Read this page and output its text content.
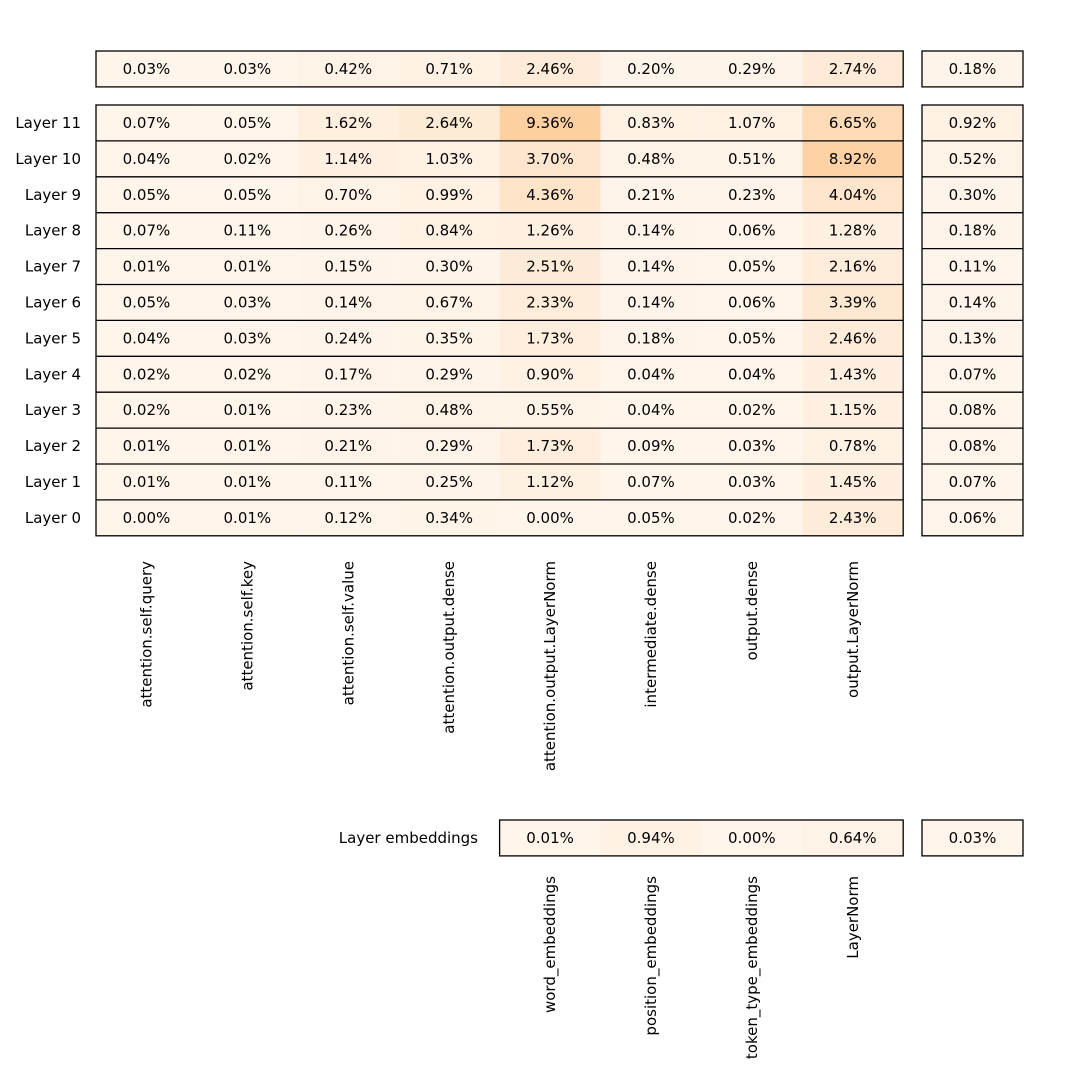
0.03%	0.03%	0.42%	0.71%	2.46%	0.20%	0.29%	2.74%	0.18%
0.07%	0.05%	1.62%	2.64%	9.36%	0.83%	1.07%	6.65%	0.92%
Layer 11
0.04%	0.02%	1.14%	1.03%	3.70%	0.48%	0.51%	8.92%	0.52%
Layer 10
0.05%	0.05%	0.70%	0.99%	4.36%	0.21%	0.23%	4.04%	0.30%
Layer 9
0.07%	0.11%	0.26%	0.84%	1.26%	0.14%	0.06%	1.28%	0.18%
Layer 8
0.01%	0.01%	0.15%	0.30%	2.51%	0.14%	0.05%	2.16%	0.11%
Layer 7
0.05%	0.03%	0.14%	0.67%	2.33%	0.14%	0.06%	3.39%	0.14%
Layer 6
0.04%	0.03%	0.24%	0.35%	1.73%	0.18%	0.05%	2.46%	0.13%
Layer 5
0.02%	0.02%	0.17%	0.29%	0.90%	0.04%	0.04%	1.43%	0.07%
Layer 4
0.02%	0.01%	0.23%	0.48%	0.55%	0.04%	0.02%	1.15%	0.08%
Layer 3
0.01%	0.01%	0.21%	0.29%	1.73%	0.09%	0.03%	0.78%	0.08%
Layer 2
0.01%	0.01%	0.11%	0.25%	1.12%	0.07%	0.03%	1.45%	0.07%
Layer 1
0.00%	0.01%	0.12%	0.34%	0.00%	0.05%	0.02%	2.43%	0.06%
Layer 0
attention.self.query	attention.self.key	attention.self.value	attention.output.dense	attention.output.LayerNorm	intermediate.dense	output.dense	output.LayerNorm
0.01%	0.94%	0.00%	0.64%	0.03%
Layer embeddings
word_embeddings	position_embeddings	token_type_embeddings	LayerNorm
